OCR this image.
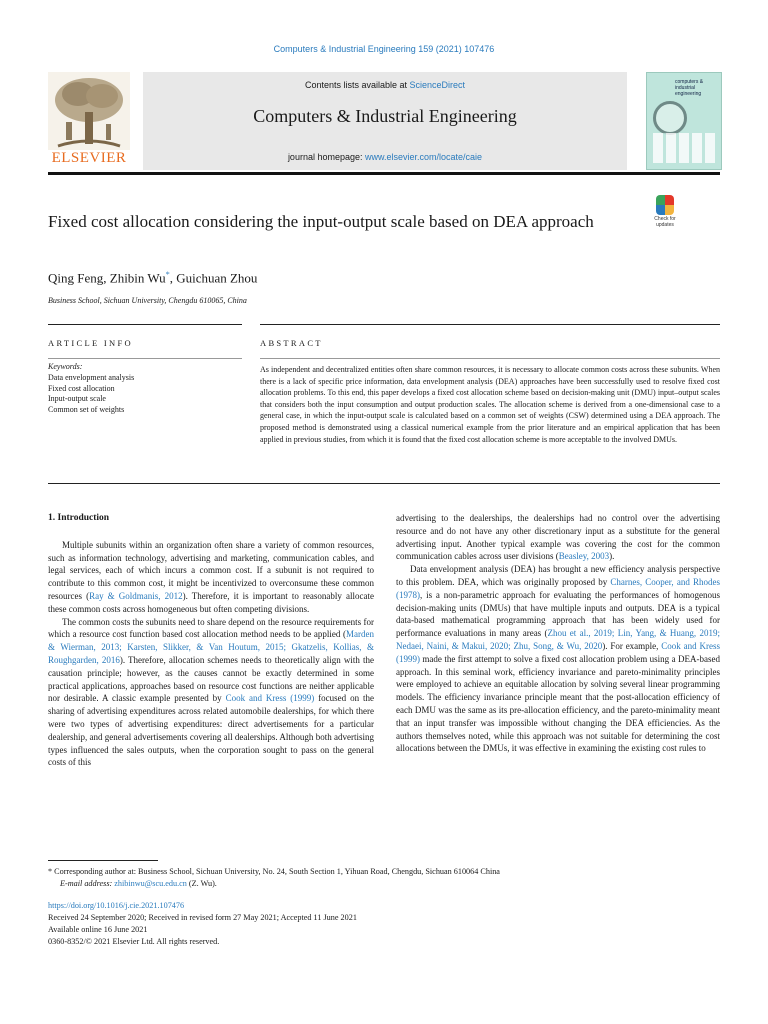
Computers & Industrial Engineering 159 (2021) 107476
ELSEVIER
Contents lists available at ScienceDirect
Computers & Industrial Engineering
journal homepage: www.elsevier.com/locate/caie
computers & industrial engineering
Fixed cost allocation considering the input-output scale based on DEA approach	Check for updates
Qing Feng, Zhibin Wu*, Guichuan Zhou
Business School, Sichuan University, Chengdu 610065, China
ARTICLE INFO	ABSTRACT
Keywords:
Data envelopment analysis
Fixed cost allocation
Input-output scale
Common set of weights
As independent and decentralized entities often share common resources, it is necessary to allocate common costs across these subunits. When there is a lack of specific price information, data envelopment analysis (DEA) approaches have been successfully used to resolve fixed cost allocation problems. To this end, this paper develops a fixed cost allocation scheme based on decision-making unit (DMU) input–output scales that considers both the input consumption and output production scales. The allocation scheme is derived from a one-dimensional case to a general case, in which the input-output scale is calculated based on a common set of weights (CSW) determined using a DEA approach. The proposed method is demonstrated using a classical numerical example from the prior literature and an empirical application that has been applied in previous studies, from which it is found that the fixed cost allocation scheme is more acceptable to the involved DMUs.

1. Introduction

Multiple subunits within an organization often share a variety of common resources, such as information technology, advertising and marketing, communication cables, and legal services, each of which incurs a common cost. If a subunit is not required to contribute to this common cost, it might be incentivized to overconsume these common resources (Ray & Goldmanis, 2012). Therefore, it is important to reasonably allocate these common costs across homogeneous but often competing divisions.

The common costs the subunits need to share depend on the resource requirements for which a resource cost function based cost allocation method needs to be applied (Marden & Wierman, 2013; Karsten, Slikker, & Van Houtum, 2015; Gkatzelis, Kollias, & Roughgarden, 2016). Therefore, allocation schemes needs to theoretically align with the causation principle; however, as the causes cannot be exactly determined in some practical applications, approaches based on resource cost functions are neither applicable nor desirable. A classic example presented by Cook and Kress (1999) focused on the sharing of advertising expenditures across related automobile dealerships, for which there were two types of advertising expenditures: direct advertisements for a particular dealership, and general advertisements covering all dealerships. Although both advertising types influenced the sales outputs, when the corporation sought to pass on the general costs of this

advertising to the dealerships, the dealerships had no control over the advertising resource and do not have any other discretionary input as a substitute for the general advertising input. Another typical example was covering the cost for the common communication cables across user divisions (Beasley, 2003).

Data envelopment analysis (DEA) has brought a new efficiency analysis perspective to this problem. DEA, which was originally proposed by Charnes, Cooper, and Rhodes (1978), is a non-parametric approach for evaluating the performances of homogenous decision-making units (DMUs) that have multiple inputs and outputs. DEA is a typical data-based mathematical programming approach that has been widely used for performance evaluations in many areas (Zhou et al., 2019; Lin, Yang, & Huang, 2019; Nedaei, Naini, & Makui, 2020; Zhu, Song, & Wu, 2020). For example, Cook and Kress (1999) made the first attempt to solve a fixed cost allocation problem using a DEA-based approach. In this seminal work, efficiency invariance and pareto-minimality principles were employed to achieve an equitable allocation by solving several linear programming models. The efficiency invariance principle meant that the post-allocation efficiency of each DMU was the same as its pre-allocation efficiency, and the pareto-minimality meant that an input transfer was impossible without changing the DEA efficiencies. As the authors themselves noted, while this approach was not suitable for determining the cost allocations between the DMUs, it was effective in examining the existing cost rules to

* Corresponding author at: Business School, Sichuan University, No. 24, South Section 1, Yihuan Road, Chengdu, Sichuan 610064 China
E-mail address: zhibinwu@scu.edu.cn (Z. Wu).
https://doi.org/10.1016/j.cie.2021.107476
Received 24 September 2020; Received in revised form 27 May 2021; Accepted 11 June 2021
Available online 16 June 2021
0360-8352/© 2021 Elsevier Ltd. All rights reserved.
